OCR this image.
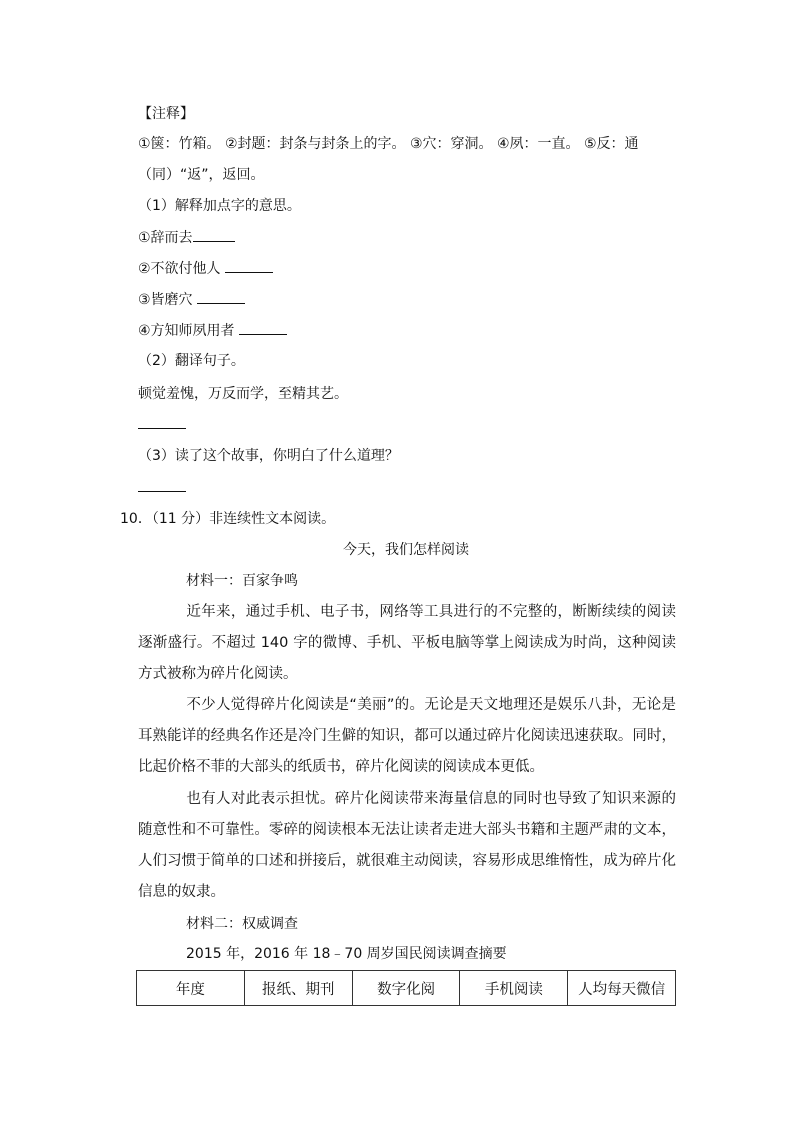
【注释】
①箧：竹箱。 ②封题：封条与封条上的字。 ③穴：穿洞。 ④夙：一直。 ⑤反：通
（同）“返”，返回。
（1）解释加点字的意思。
①辞而去
②不欲付他人
③皆磨穴
④方知师夙用者
（2）翻译句子。
顿觉羞愧，万反而学，至精其艺。
（3）读了这个故事，你明白了什么道理？
10．（11 分）非连续性文本阅读。
今天，我们怎样阅读
材料一：百家争鸣
近年来，通过手机、电子书，网络等工具进行的不完整的，断断续续的阅读逐渐盛行。不超过 140 字的微博、手机、平板电脑等掌上阅读成为时尚，这种阅读方式被称为碎片化阅读。
不少人觉得碎片化阅读是“美丽”的。无论是天文地理还是娱乐八卦，无论是耳熟能详的经典名作还是冷门生僻的知识，都可以通过碎片化阅读迅速获取。同时，比起价格不菲的大部头的纸质书，碎片化阅读的阅读成本更低。
也有人对此表示担忧。碎片化阅读带来海量信息的同时也导致了知识来源的随意性和不可靠性。零碎的阅读根本无法让读者走进大部头书籍和主题严肃的文本，人们习惯于简单的口述和拼接后，就很难主动阅读，容易形成思维惰性，成为碎片化信息的奴隶。
材料二：权威调查
2015 年，2016 年 18﹣70 周岁国民阅读调查摘要
年度	报纸、期刊	数字化阅	手机阅读	人均每天微信
